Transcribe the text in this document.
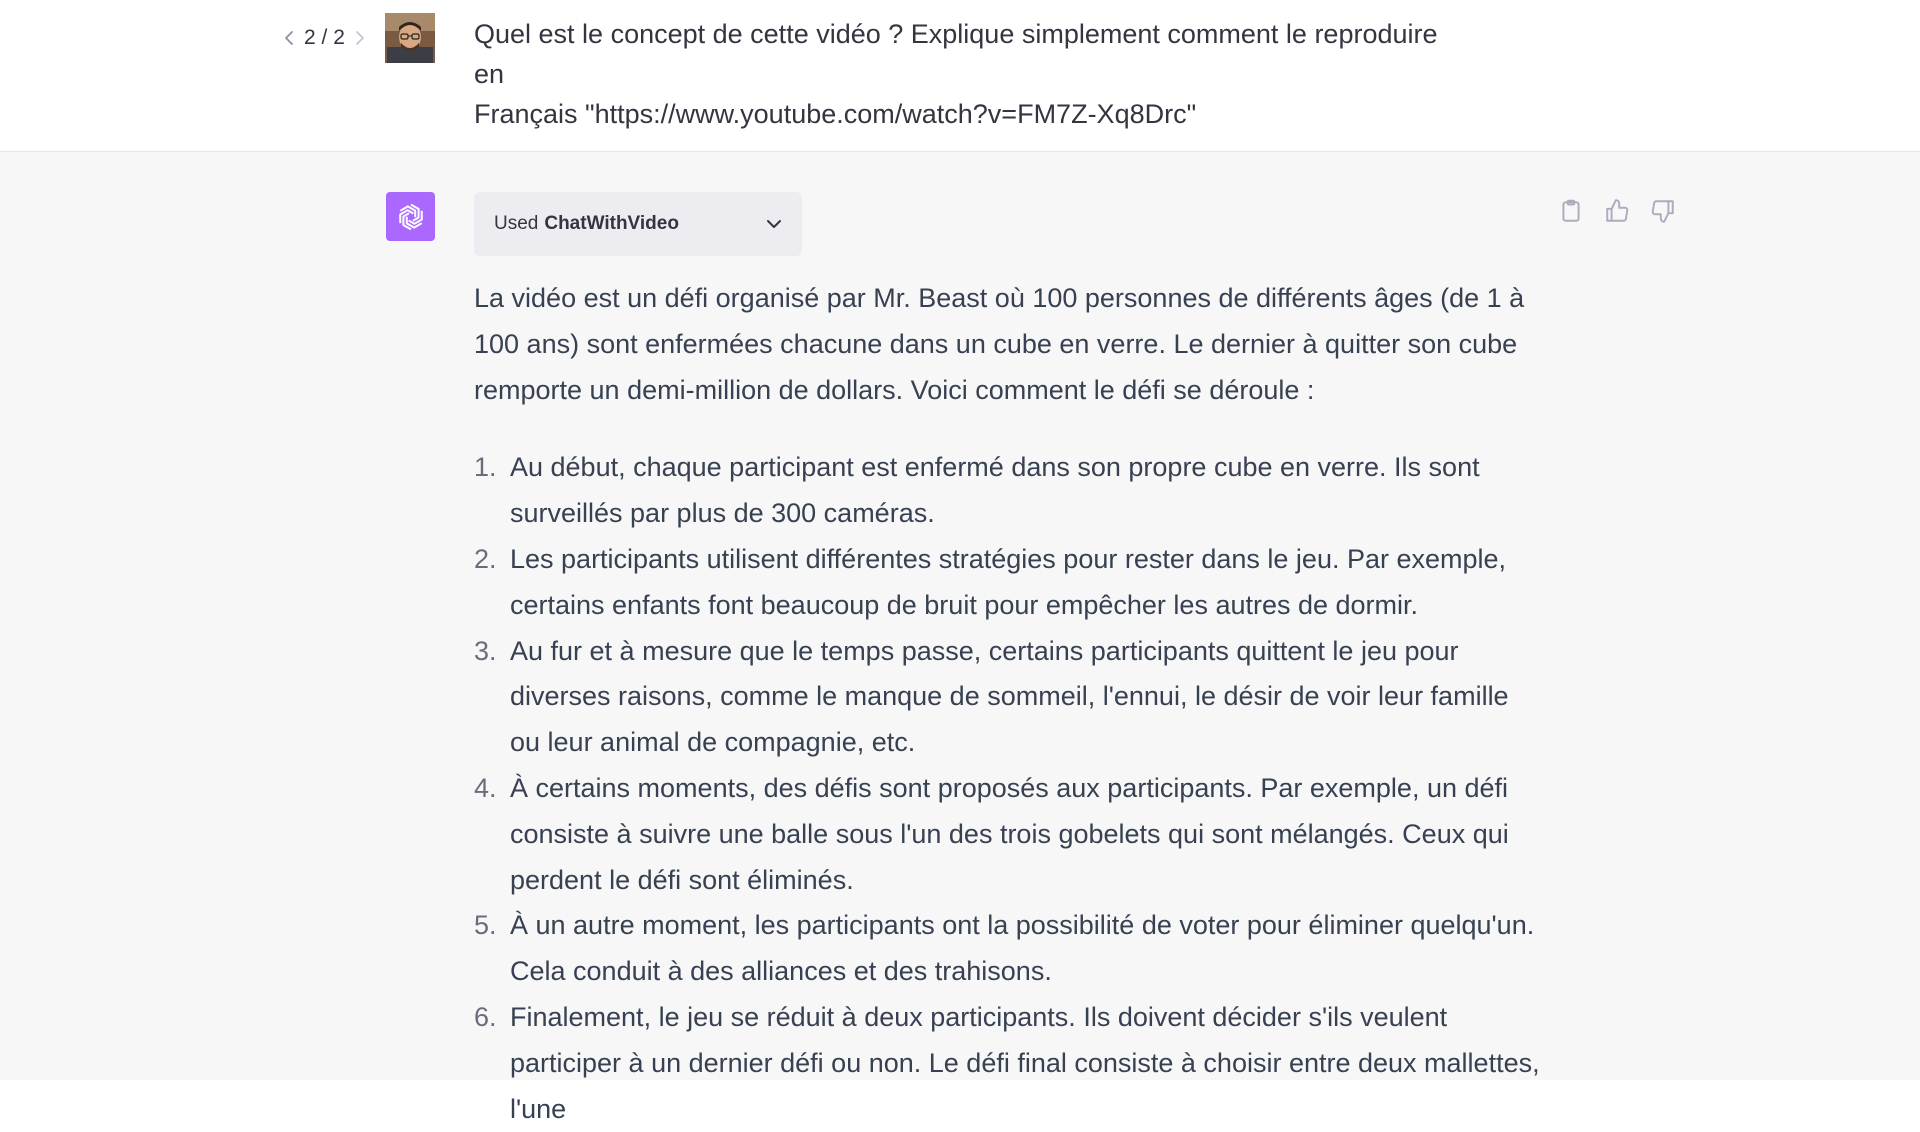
2 / 2	Quel est le concept de cette vidéo ? Explique simplement comment le reproduire en
Français "https://www.youtube.com/watch?v=FM7Z-Xq8Drc"
Used ChatWithVideo

La vidéo est un défi organisé par Mr. Beast où 100 personnes de différents âges (de 1 à 100 ans) sont enfermées chacune dans un cube en verre. Le dernier à quitter son cube remporte un demi-million de dollars. Voici comment le défi se déroule :

1. Au début, chaque participant est enfermé dans son propre cube en verre. Ils sont surveillés par plus de 300 caméras.
2. Les participants utilisent différentes stratégies pour rester dans le jeu. Par exemple, certains enfants font beaucoup de bruit pour empêcher les autres de dormir.
3. Au fur et à mesure que le temps passe, certains participants quittent le jeu pour diverses raisons, comme le manque de sommeil, l'ennui, le désir de voir leur famille ou leur animal de compagnie, etc.
4. À certains moments, des défis sont proposés aux participants. Par exemple, un défi consiste à suivre une balle sous l'un des trois gobelets qui sont mélangés. Ceux qui perdent le défi sont éliminés.
5. À un autre moment, les participants ont la possibilité de voter pour éliminer quelqu'un. Cela conduit à des alliances et des trahisons.
6. Finalement, le jeu se réduit à deux participants. Ils doivent décider s'ils veulent participer à un dernier défi ou non. Le défi final consiste à choisir entre deux mallettes, l'une
